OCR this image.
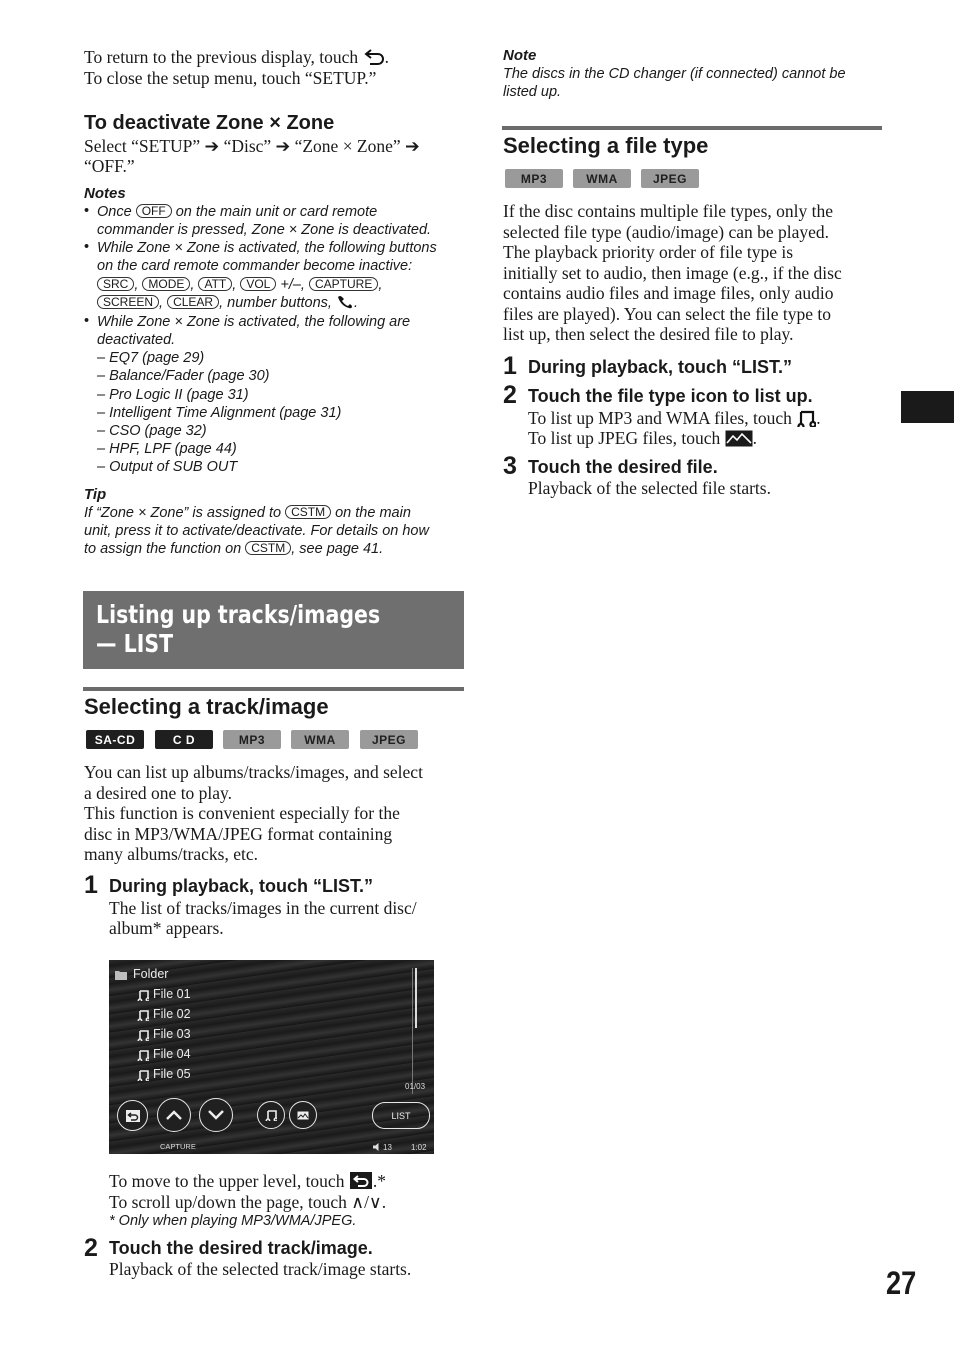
To return to the previous display, touch .
To close the setup menu, touch “SETUP.”
To deactivate Zone × Zone
Select “SETUP” ➔ “Disc” ➔ “Zone × Zone” ➔
“OFF.”
Notes
• Once OFF on the main unit or card remote
commander is pressed, Zone × Zone is deactivated.
• While Zone × Zone is activated, the following buttons
on the card remote commander become inactive:
SRC , MODE , ATT , VOL +/–, CAPTURE ,
SCREEN , CLEAR , number buttons, .
• While Zone × Zone is activated, the following are
deactivated.
– EQ7 (page 29)
– Balance/Fader (page 30)
– Pro Logic II (page 31)
– Intelligent Time Alignment (page 31)
– CSO (page 32)
– HPF, LPF (page 44)
– Output of SUB OUT
Tip
If “Zone × Zone” is assigned to CSTM on the main
unit, press it to activate/deactivate. For details on how
to assign the function on CSTM , see page 41.
Listing up tracks/images
— LIST
Selecting a track/image
SA-CD	C D	MP3	WMA	JPEG
You can list up albums/tracks/images, and select
a desired one to play.
This function is convenient especially for the
disc in MP3/WMA/JPEG format containing
many albums/tracks, etc.
1 During playback, touch “LIST.”
The list of tracks/images in the current disc/
album* appears.
Folder
File 01
File 02
File 03
File 04
File 05
01/03
LIST
CAPTURE	13 1:02
To move to the upper level, touch .*
To scroll up/down the page, touch ∧/∨.
* Only when playing MP3/WMA/JPEG.
2 Touch the desired track/image.
Playback of the selected track/image starts.
Note
The discs in the CD changer (if connected) cannot be
listed up.
Selecting a file type
MP3	WMA	JPEG
If the disc contains multiple file types, only the
selected file type (audio/image) can be played.
The playback priority order of file type is
initially set to audio, then image (e.g., if the disc
contains audio files and image files, only audio
files are played). You can select the file type to
list up, then select the desired file to play.
1 During playback, touch “LIST.”
2 Touch the file type icon to list up.
To list up MP3 and WMA files, touch .
To list up JPEG files, touch .
3 Touch the desired file.
Playback of the selected file starts.
27
